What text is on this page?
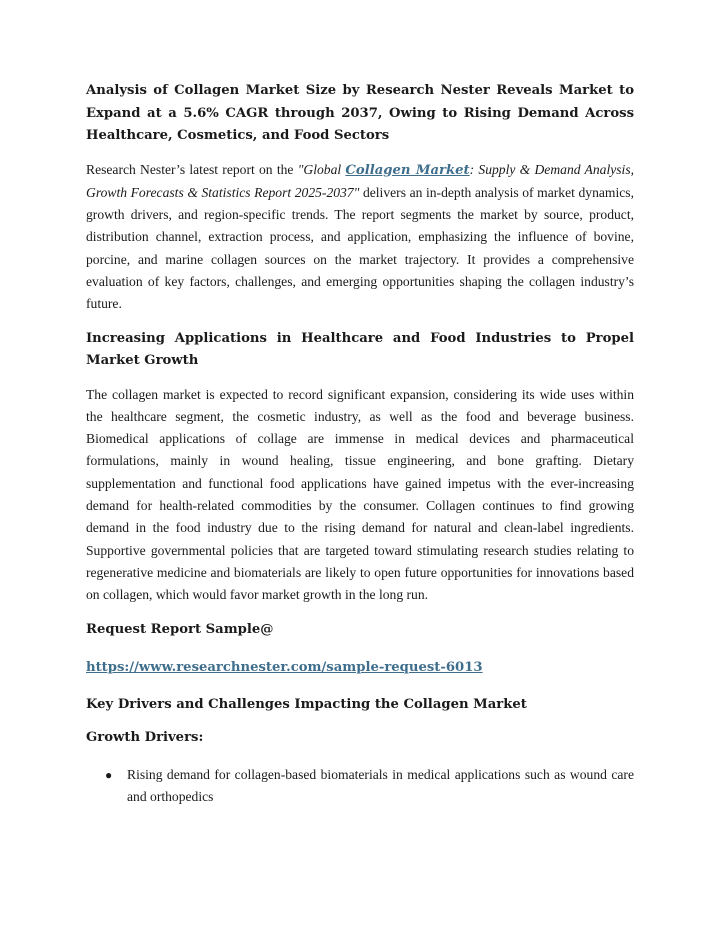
Analysis of Collagen Market Size by Research Nester Reveals Market to Expand at a 5.6% CAGR through 2037, Owing to Rising Demand Across Healthcare, Cosmetics, and Food Sectors

Research Nester’s latest report on the "Global Collagen Market: Supply & Demand Analysis, Growth Forecasts & Statistics Report 2025-2037" delivers an in-depth analysis of market dynamics, growth drivers, and region-specific trends. The report segments the market by source, product, distribution channel, extraction process, and application, emphasizing the influence of bovine, porcine, and marine collagen sources on the market trajectory. It provides a comprehensive evaluation of key factors, challenges, and emerging opportunities shaping the collagen industry’s future.

Increasing Applications in Healthcare and Food Industries to Propel Market Growth

The collagen market is expected to record significant expansion, considering its wide uses within the healthcare segment, the cosmetic industry, as well as the food and beverage business. Biomedical applications of collage are immense in medical devices and pharmaceutical formulations, mainly in wound healing, tissue engineering, and bone grafting. Dietary supplementation and functional food applications have gained impetus with the ever-increasing demand for health-related commodities by the consumer. Collagen continues to find growing demand in the food industry due to the rising demand for natural and clean-label ingredients. Supportive governmental policies that are targeted toward stimulating research studies relating to regenerative medicine and biomaterials are likely to open future opportunities for innovations based on collagen, which would favor market growth in the long run.

Request Report Sample@
https://www.researchnester.com/sample-request-6013
Key Drivers and Challenges Impacting the Collagen Market
Growth Drivers:
● Rising demand for collagen-based biomaterials in medical applications such as wound care and orthopedics
